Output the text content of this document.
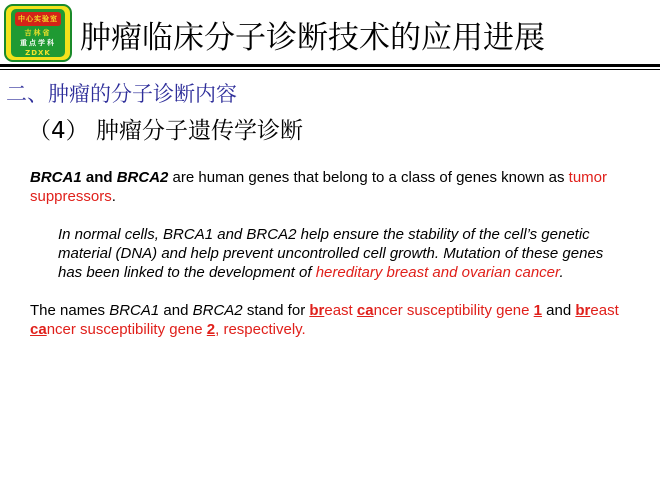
中心实验室
吉林省
重点学科
ZDXK 肿瘤临床分子诊断技术的应用进展
二、肿瘤的分子诊断内容
（4） 肿瘤分子遗传学诊断

BRCA1 and BRCA2 are human genes that belong to a class of genes known as tumor suppressors.

In normal cells, BRCA1 and BRCA2 help ensure the stability of the cell’s genetic material (DNA) and help prevent uncontrolled cell growth. Mutation of these genes has been linked to the development of hereditary breast and ovarian cancer.

The names BRCA1 and BRCA2 stand for breast cancer susceptibility gene 1 and breast cancer susceptibility gene 2, respectively.
